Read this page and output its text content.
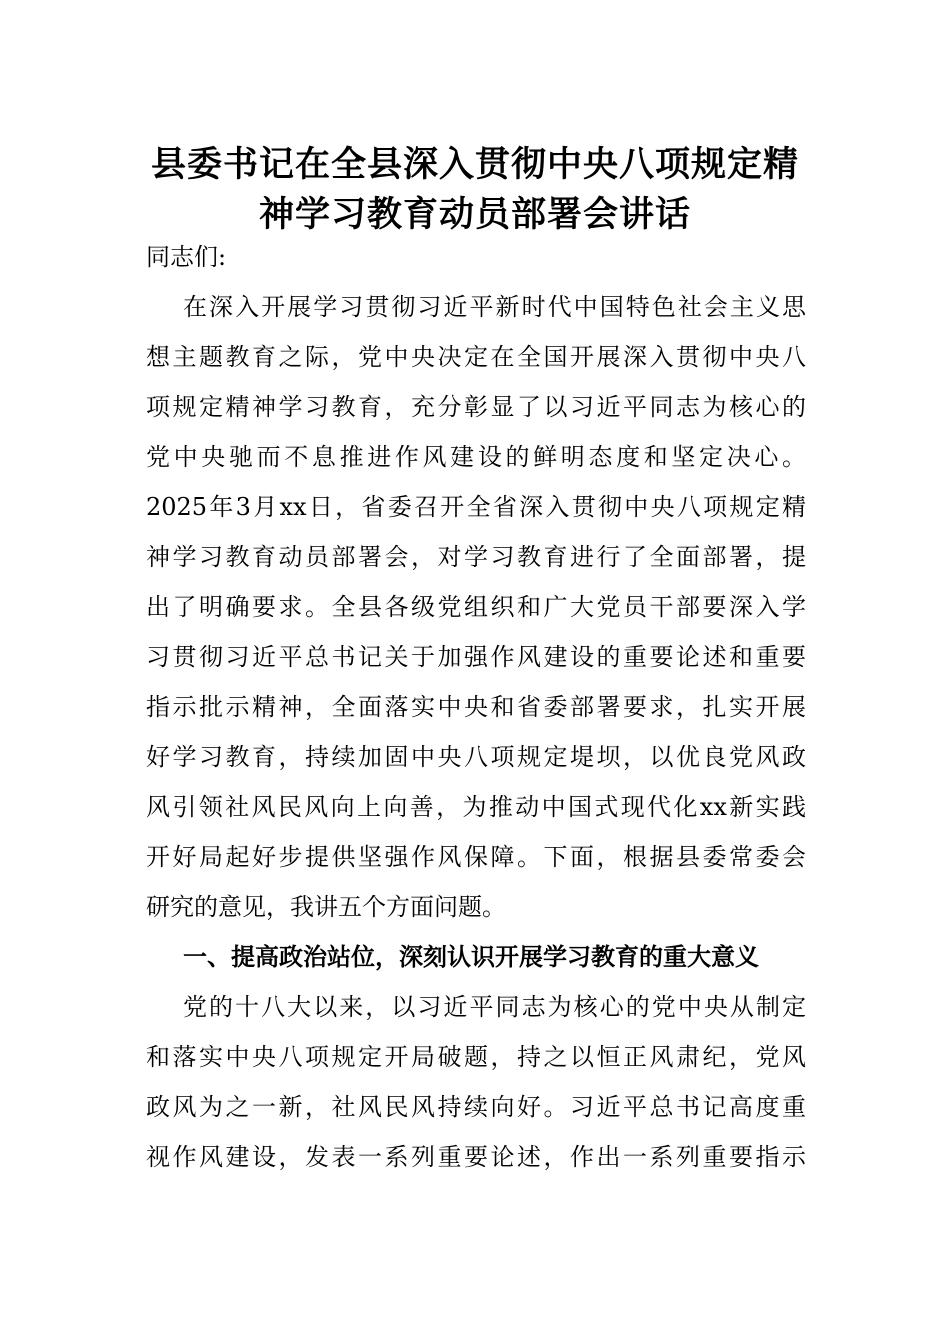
县委书记在全县深入贯彻中央八项规定精
神学习教育动员部署会讲话
同志们:
在深入开展学习贯彻习近平新时代中国特色社会主义思
想主题教育之际，党中央决定在全国开展深入贯彻中央八
项规定精神学习教育，充分彰显了以习近平同志为核心的
党中央驰而不息推进作风建设的鲜明态度和坚定决心。
2025年3月xx日，省委召开全省深入贯彻中央八项规定精
神学习教育动员部署会，对学习教育进行了全面部署，提
出了明确要求。全县各级党组织和广大党员干部要深入学
习贯彻习近平总书记关于加强作风建设的重要论述和重要
指示批示精神，全面落实中央和省委部署要求，扎实开展
好学习教育，持续加固中央八项规定堤坝，以优良党风政
风引领社风民风向上向善，为推动中国式现代化xx新实践
开好局起好步提供坚强作风保障。下面，根据县委常委会
研究的意见，我讲五个方面问题。
一、提高政治站位，深刻认识开展学习教育的重大意义
党的十八大以来，以习近平同志为核心的党中央从制定
和落实中央八项规定开局破题，持之以恒正风肃纪，党风
政风为之一新，社风民风持续向好。习近平总书记高度重
视作风建设，发表一系列重要论述，作出一系列重要指示
